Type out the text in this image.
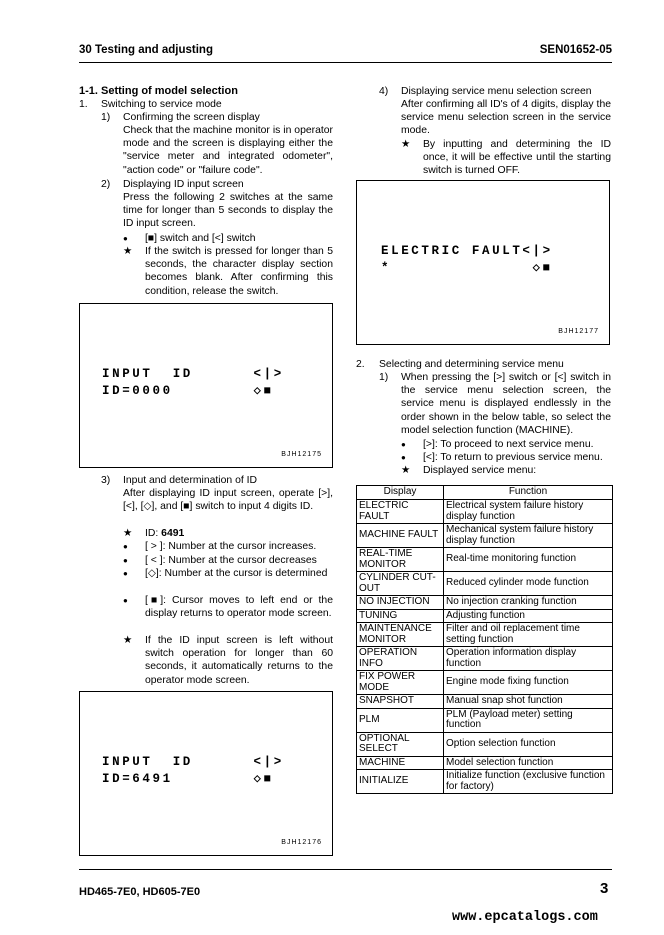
30 Testing and adjusting	SEN01652-05
1-1. Setting of model selection
1.	Switching to service mode
1)	Confirming the screen display
Check that the machine monitor is in operator mode and the screen is displaying either the "service meter and integrated odometer", "action code" or "failure code".
2)	Displaying ID input screen
Press the following 2 switches at the same time for longer than 5 seconds to display the ID input screen.
●	[■] switch and [<] switch
★	If the switch is pressed for longer than 5 seconds, the character display section becomes blank. After confirming this condition, release the switch.
INPUT  ID      <|>
ID=0000        ◇■
BJH12175
3)	Input and determination of ID
After displaying ID input screen, operate [>], [<], [◇], and [■] switch to input 4 digits ID.
★	ID: 6491
●	[ > ]: Number at the cursor increases.
●	[ < ]: Number at the cursor decreases
●	[◇]: Number at the cursor is determined
●	[■]: Cursor moves to left end or the display returns to operator mode screen.
★	If the ID input screen is left without switch operation for longer than 60 seconds, it automatically returns to the operator mode screen.
INPUT  ID      <|>
ID=6491        ◇■
BJH12176
4)	Displaying service menu selection screen
After confirming all ID's of 4 digits, display the service menu selection screen in the service mode.
★	By inputting and determining the ID once, it will be effective until the starting switch is turned OFF.
ELECTRIC FAULT<|>
*              ◇■
BJH12177
2.	Selecting and determining service menu
1)	When pressing the [>] switch or [<] switch in the service menu selection screen, the service menu is displayed endlessly in the order shown in the below table, so select the model selection function (MACHINE).
●	[>]: To proceed to next service menu.
●	[<]: To return to previous service menu.
★	Displayed service menu:
Display	Function
ELECTRIC FAULT	Electrical system failure history display function
MACHINE FAULT	Mechanical system failure history display function
REAL-TIME MONITOR	Real-time monitoring function
CYLINDER CUT-OUT	Reduced cylinder mode function
NO INJECTION	No injection cranking function
TUNING	Adjusting function
MAINTENANCE MONITOR	Filter and oil replacement time setting function
OPERATION INFO	Operation information display function
FIX POWER MODE	Engine mode fixing function
SNAPSHOT	Manual snap shot function
PLM	PLM (Payload meter) setting function
OPTIONAL SELECT	Option selection function
MACHINE	Model selection function
INITIALIZE	Initialize function (exclusive function for factory)
HD465-7E0, HD605-7E0	3
www.epcatalogs.com
